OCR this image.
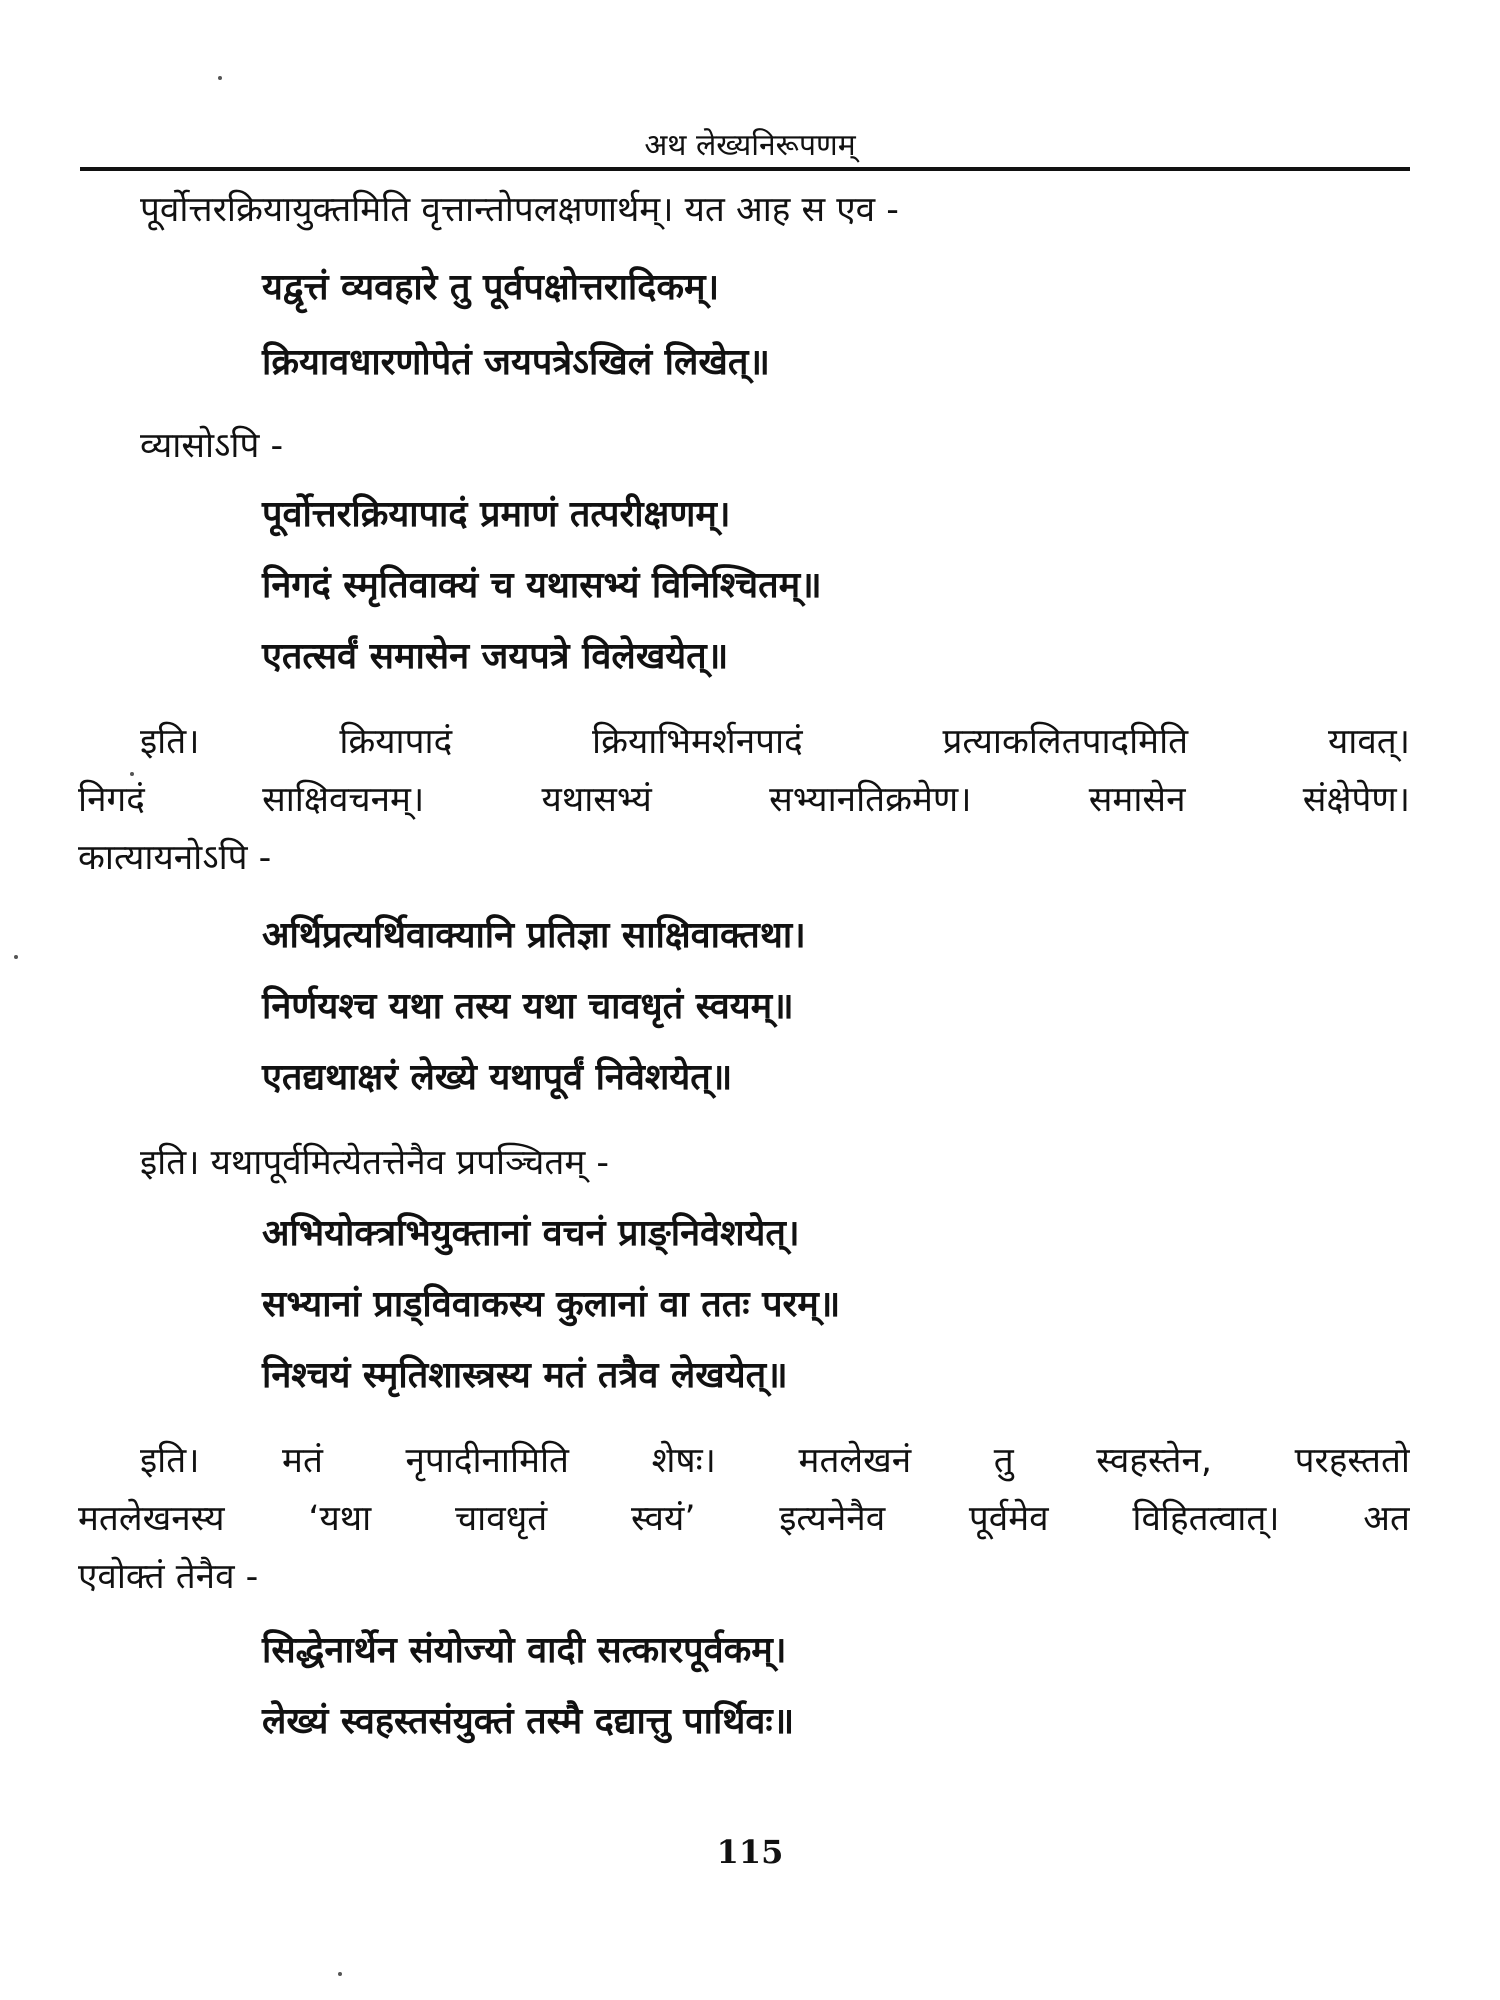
अथ लेख्यनिरूपणम्
पूर्वोत्तरक्रियायुक्तमिति वृत्तान्तोपलक्षणार्थम्। यत आह स एव -
यद्वृत्तं व्यवहारे तु पूर्वपक्षोत्तरादिकम्।
क्रियावधारणोपेतं जयपत्रेऽखिलं लिखेत्॥
व्यासोऽपि -
पूर्वोत्तरक्रियापादं प्रमाणं तत्परीक्षणम्।
निगदं स्मृतिवाक्यं च यथासभ्यं विनिश्चितम्॥
एतत्सर्वं समासेन जयपत्रे विलेखयेत्॥
इति। क्रियापादं क्रियाभिमर्शनपादं प्रत्याकलितपादमिति यावत्।
निगदं साक्षिवचनम्। यथासभ्यं सभ्यानतिक्रमेण। समासेन संक्षेपेण।
कात्यायनोऽपि -
अर्थिप्रत्यर्थिवाक्यानि प्रतिज्ञा साक्षिवाक्तथा।
निर्णयश्च यथा तस्य यथा चावधृतं स्वयम्॥
एतद्यथाक्षरं लेख्ये यथापूर्वं निवेशयेत्॥
इति। यथापूर्वमित्येतत्तेनैव प्रपञ्चितम् -
अभियोक्त्रभियुक्तानां वचनं प्राङ्निवेशयेत्।
सभ्यानां प्राड्विवाकस्य कुलानां वा ततः परम्॥
निश्चयं स्मृतिशास्त्रस्य मतं तत्रैव लेखयेत्॥
इति। मतं नृपादीनामिति शेषः। मतलेखनं तु स्वहस्तेन, परहस्ततो
मतलेखनस्य ‘यथा चावधृतं स्वयं’ इत्यनेनैव पूर्वमेव विहितत्वात्। अत
एवोक्तं तेनैव -
सिद्धेनार्थेन संयोज्यो वादी सत्कारपूर्वकम्।
लेख्यं स्वहस्तसंयुक्तं तस्मै दद्यात्तु पार्थिवः॥
115
